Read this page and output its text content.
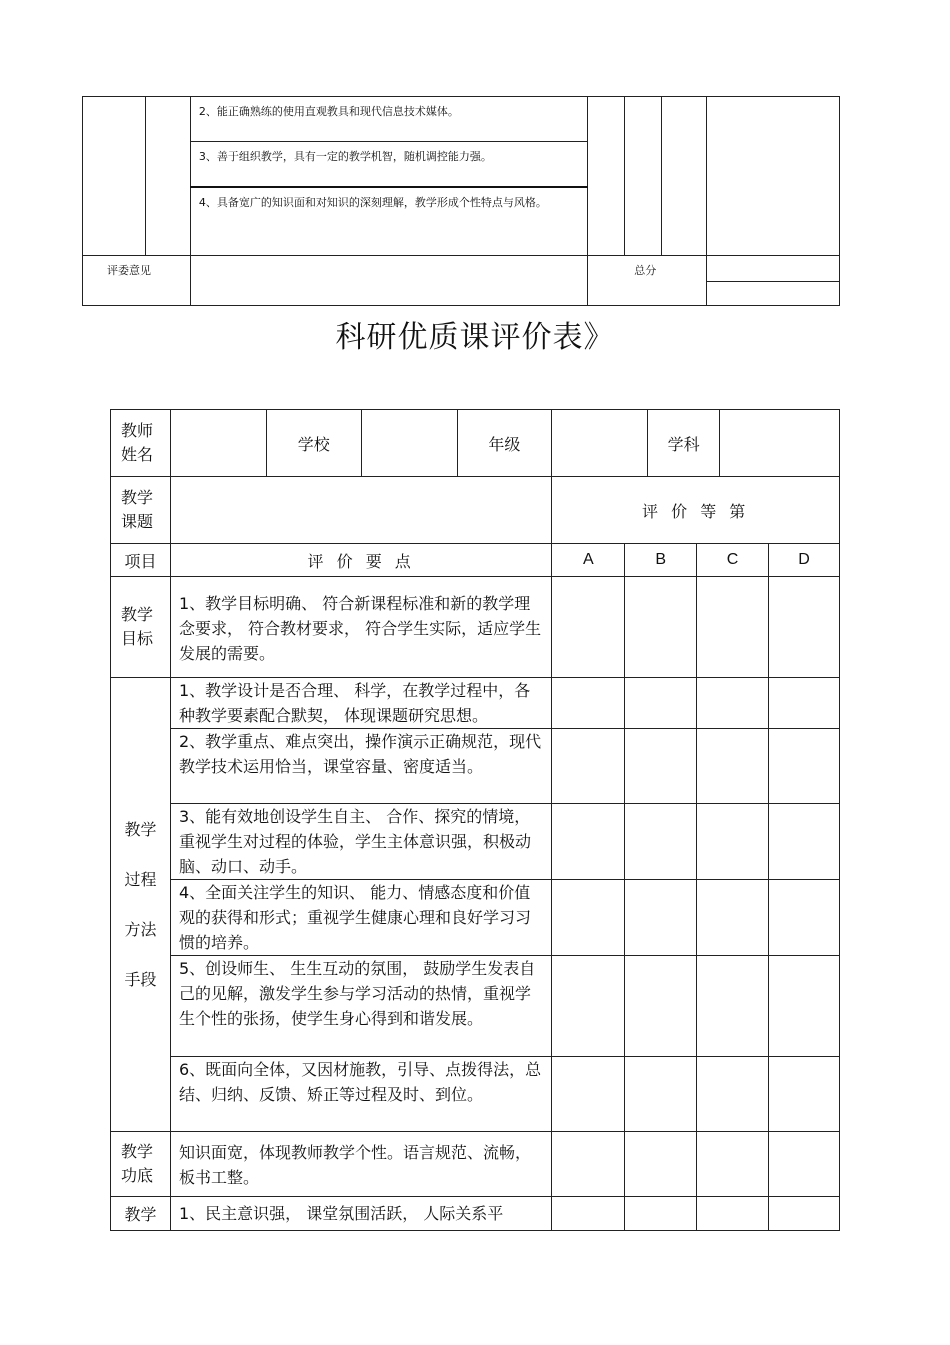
		2、能正确熟练的使用直观教具和现代信息技术媒体。				
		3、善于组织教学，具有一定的教学机智，随机调控能力强。				
		4、具备宽广的知识面和对知识的深刻理解，教学形成个性特点与风格。				
评委意见			总分			

科研优质课评价表》
教师姓名		学校		年级			学科			
教学课题					评 价 等 第					
项目	评 价 要 点				A	B		C		D
教学目标	1、教学目标明确、 符合新课程标准和新的教学理念要求， 符合教材要求， 符合学生实际，适应学生发展的需要。									

教学
过程
方法
手段	1、教学设计是否合理、 科学，在教学过程中，各种教学要素配合默契， 体现课题研究思想。									
	2、教学重点、难点突出，操作演示正确规范，现代教学技术运用恰当，课堂容量、密度适当。									
	3、能有效地创设学生自主、 合作、探究的情境，重视学生对过程的体验，学生主体意识强，积极动脑、动口、动手。									
	4、全面关注学生的知识、 能力、情感态度和价值观的获得和形式；重视学生健康心理和良好学习习惯的培养。									
	5、创设师生、 生生互动的氛围， 鼓励学生发表自己的见解，激发学生参与学习活动的热情，重视学生个性的张扬，使学生身心得到和谐发展。									
	6、既面向全体，又因材施教，引导、点拨得法，总结、归纳、反馈、矫正等过程及时、到位。									
教学功底	知识面宽，体现教师教学个性。语言规范、流畅，板书工整。									
教学	1、民主意识强， 课堂氛围活跃， 人际关系平									
